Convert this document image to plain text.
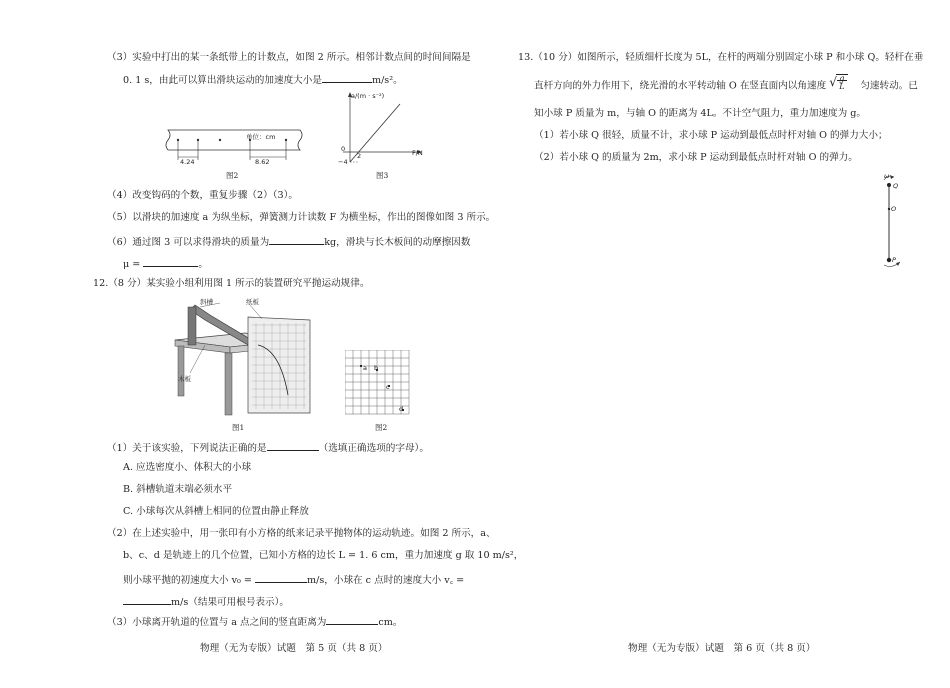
（3）实验中打出的某一条纸带上的计数点，如图 2 所示。相邻计数点间的时间间隔是
0. 1 s，由此可以算出滑块运动的加速度大小是	m/s²。
单位：cm
4.24	8.62
图2
a/(m · s⁻²)
F/N
0
2
−4
图3
（4）改变钩码的个数，重复步骤（2）（3）。
（5）以滑块的加速度 a 为纵坐标，弹簧测力计读数 F 为横坐标，作出的图像如图 3 所示。
（6）通过图 3 可以求得滑块的质量为	kg，滑块与长木板间的动摩擦因数
μ =	。
12.（8 分）某实验小组利用图 1 所示的装置研究平抛运动规律。
斜槽	纸板
木板
图1
a b
c
d
图2
（1）关于该实验，下列说法正确的是	（选填正确选项的字母）。
A. 应选密度小、体积大的小球
B. 斜槽轨道末端必须水平
C. 小球每次从斜槽上相同的位置由静止释放
（2）在上述实验中，用一张印有小方格的纸来记录平抛物体的运动轨迹。如图 2 所示，a、
b、c、d 是轨迹上的几个位置，已知小方格的边长 L = 1. 6 cm，重力加速度 g 取 10 m/s²，
则小球平抛的初速度大小 v₀ =	m/s，小球在 c 点时的速度大小 v꜀ =
m/s（结果可用根号表示）。
（3）小球离开轨道的位置与 a 点之间的竖直距离为	cm。
物理（无为专版）试题　第 5 页（共 8 页）
13.（10 分）如图所示，轻质细杆长度为 5L，在杆的两端分别固定小球 P 和小球 Q。轻杆在垂
直杆方向的外力作用下，绕光滑的水平转动轴 O 在竖直面内以角速度 √ g
L 匀速转动。已
知小球 P 质量为 m，与轴 O 的距离为 4L。不计空气阻力，重力加速度为 g。
（1）若小球 Q 很轻，质量不计，求小球 P 运动到最低点时杆对轴 O 的弹力大小；
（2）若小球 Q 的质量为 2m，求小球 P 运动到最低点时杆对轴 O 的弹力。
ω
Q
O
P
物理（无为专版）试题　第 6 页（共 8 页）
